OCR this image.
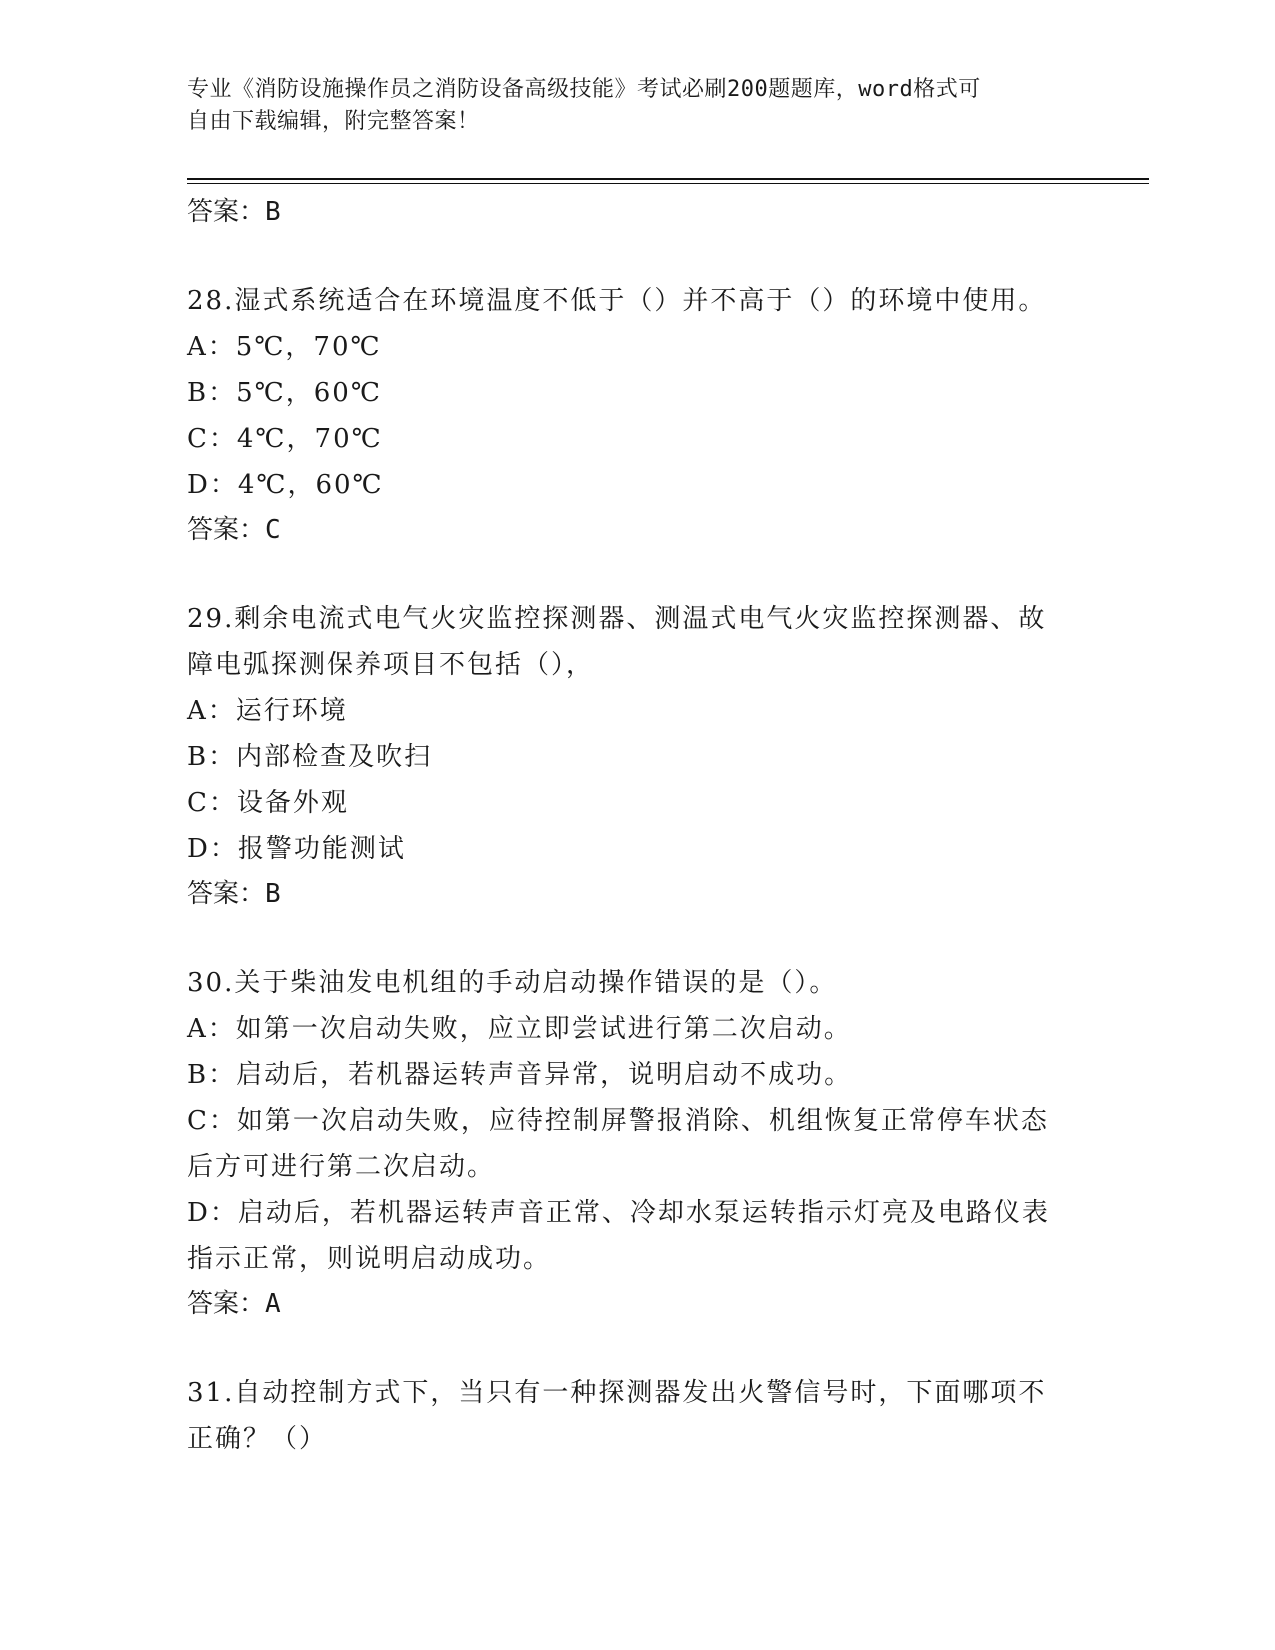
专业《消防设施操作员之消防设备高级技能》考试必刷200题题库，word格式可
自由下载编辑，附完整答案！
答案：B
28.湿式系统适合在环境温度不低于（）并不高于（）的环境中使用。
A：5℃，70℃
B：5℃，60℃
C：4℃，70℃
D：4℃，60℃
答案：C
29.剩余电流式电气火灾监控探测器、测温式电气火灾监控探测器、故
障电弧探测保养项目不包括（），
A：运行环境
B：内部检查及吹扫
C：设备外观
D：报警功能测试
答案：B
30.关于柴油发电机组的手动启动操作错误的是（）。
A：如第一次启动失败，应立即尝试进行第二次启动。
B：启动后，若机器运转声音异常，说明启动不成功。
C：如第一次启动失败，应待控制屏警报消除、机组恢复正常停车状态
后方可进行第二次启动。
D：启动后，若机器运转声音正常、冷却水泵运转指示灯亮及电路仪表
指示正常，则说明启动成功。
答案：A
31.自动控制方式下，当只有一种探测器发出火警信号时，下面哪项不
正确？（）
